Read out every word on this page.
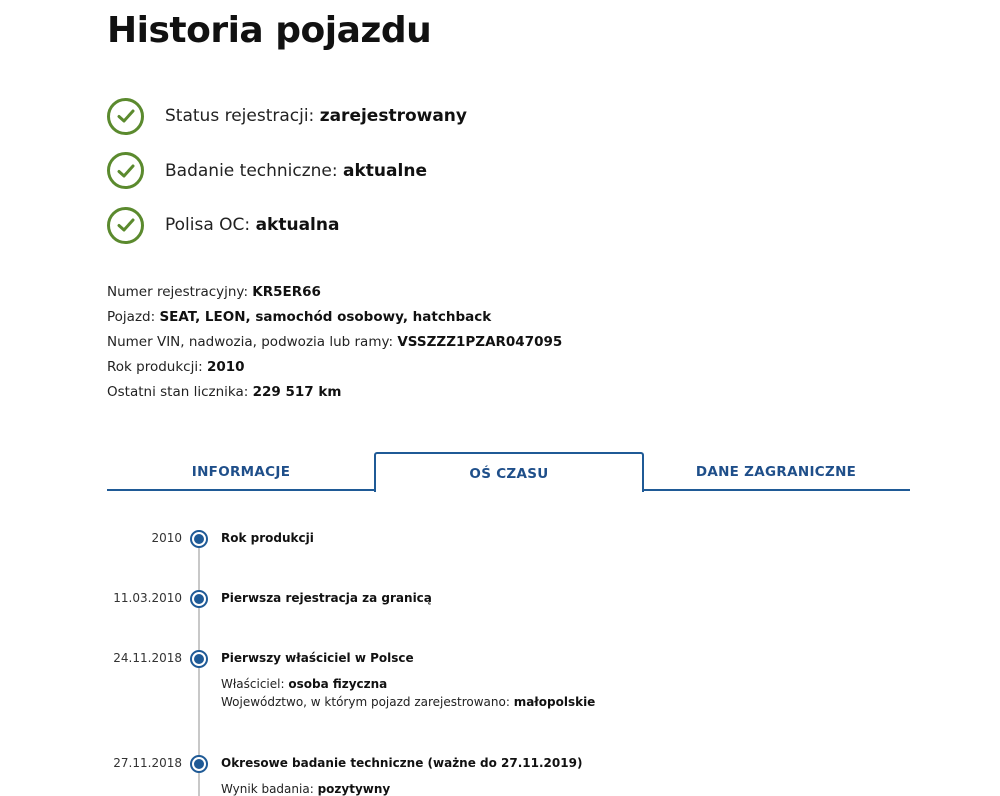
Historia pojazdu
Status rejestracji: zarejestrowany
Badanie techniczne: aktualne
Polisa OC: aktualna
Numer rejestracyjny: KR5ER66
Pojazd: SEAT, LEON, samochód osobowy, hatchback
Numer VIN, nadwozia, podwozia lub ramy: VSSZZZ1PZAR047095
Rok produkcji: 2010
Ostatni stan licznika: 229 517 km
INFORMACJE	OŚ CZASU	DANE ZAGRANICZNE
2010	Rok produkcji
11.03.2010	Pierwsza rejestracja za granicą
24.11.2018	Pierwszy właściciel w Polsce
Właściciel: osoba fizyczna
Województwo, w którym pojazd zarejestrowano: małopolskie
27.11.2018	Okresowe badanie techniczne (ważne do 27.11.2019)
Wynik badania: pozytywny
